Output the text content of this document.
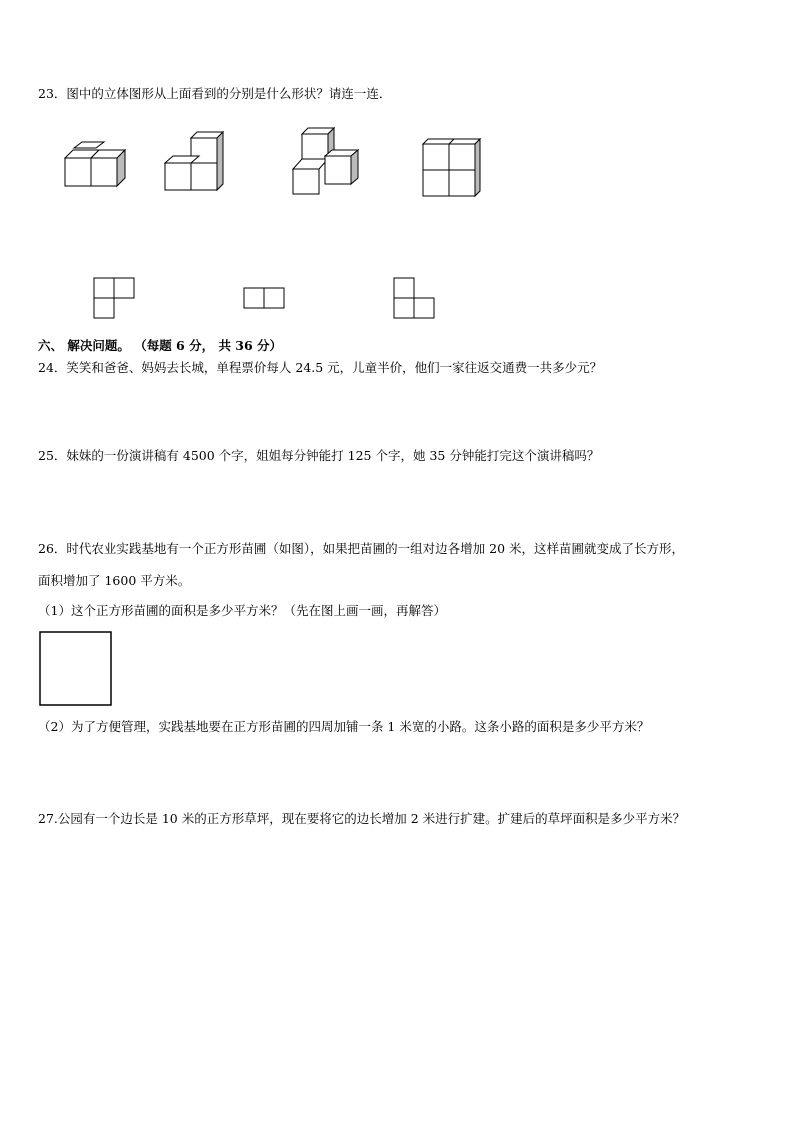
23．图中的立体图形从上面看到的分别是什么形状？请连一连．
六、 解决问题。 （每题 6 分， 共 36 分）
24．笑笑和爸爸、妈妈去长城，单程票价每人 24.5 元，儿童半价，他们一家往返交通费一共多少元？
25．妹妹的一份演讲稿有 4500 个字，姐姐每分钟能打 125 个字，她 35 分钟能打完这个演讲稿吗？
26．时代农业实践基地有一个正方形苗圃（如图），如果把苗圃的一组对边各增加 20 米，这样苗圃就变成了长方形，
面积增加了 1600 平方米。
（1）这个正方形苗圃的面积是多少平方米？（先在图上画一画，再解答）
（2）为了方便管理，实践基地要在正方形苗圃的四周加铺一条 1 米宽的小路。这条小路的面积是多少平方米？
27.公园有一个边长是 10 米的正方形草坪，现在要将它的边长增加 2 米进行扩建。扩建后的草坪面积是多少平方米？
